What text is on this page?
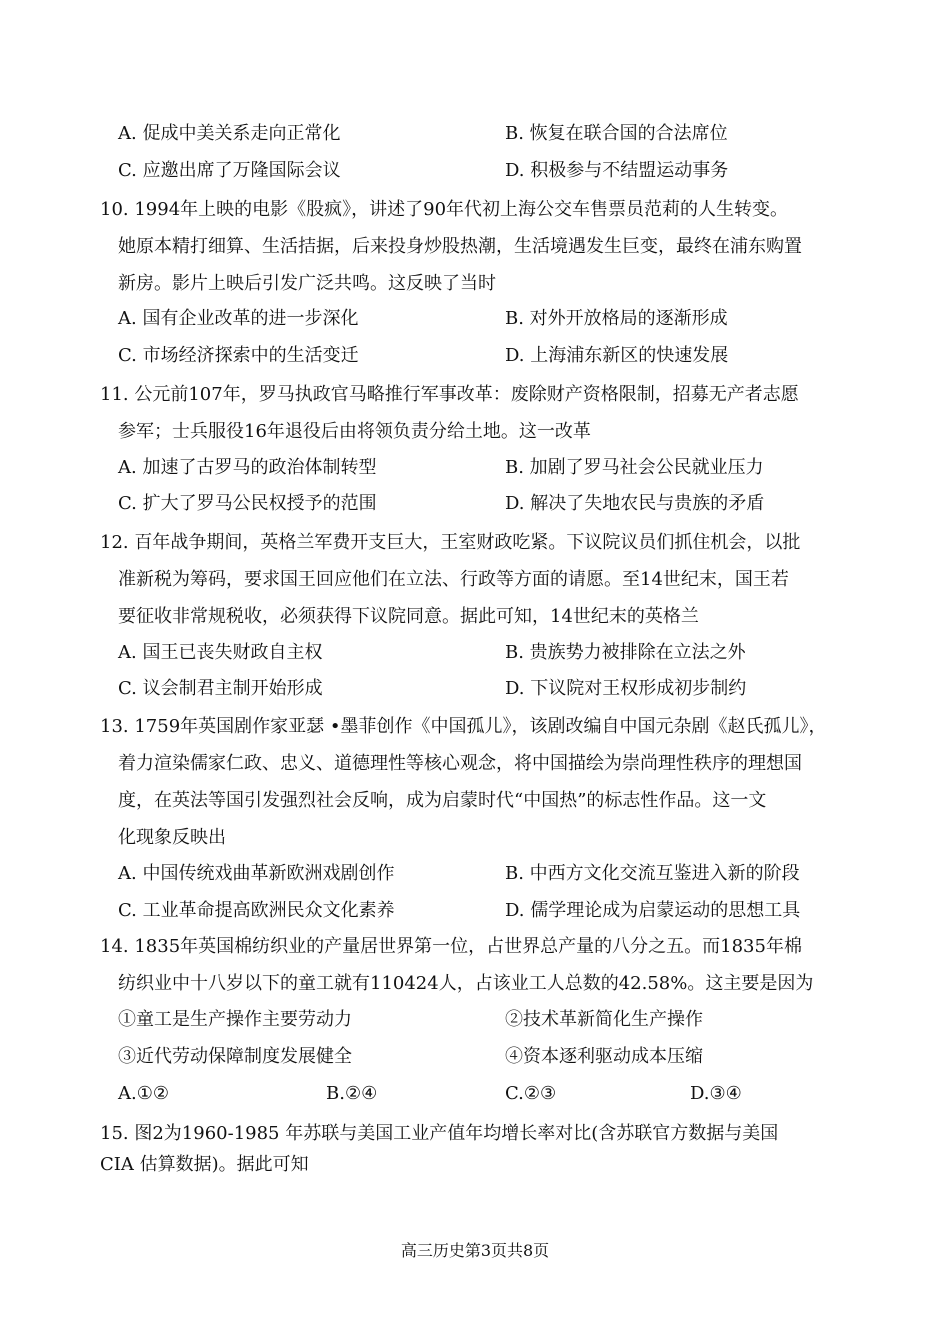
A. 促成中美关系走向正常化	B. 恢复在联合国的合法席位
C. 应邀出席了万隆国际会议	D. 积极参与不结盟运动事务
10. 1994年上映的电影《股疯》，讲述了90年代初上海公交车售票员范莉的人生转变。
她原本精打细算、生活拮据，后来投身炒股热潮，生活境遇发生巨变，最终在浦东购置
新房。影片上映后引发广泛共鸣。这反映了当时
A. 国有企业改革的进一步深化	B. 对外开放格局的逐渐形成
C. 市场经济探索中的生活变迁	D. 上海浦东新区的快速发展
11. 公元前107年，罗马执政官马略推行军事改革：废除财产资格限制，招募无产者志愿
参军；士兵服役16年退役后由将领负责分给土地。这一改革
A. 加速了古罗马的政治体制转型	B. 加剧了罗马社会公民就业压力
C. 扩大了罗马公民权授予的范围	D. 解决了失地农民与贵族的矛盾
12. 百年战争期间，英格兰军费开支巨大，王室财政吃紧。下议院议员们抓住机会，以批
准新税为筹码，要求国王回应他们在立法、行政等方面的请愿。至14世纪末，国王若
要征收非常规税收，必须获得下议院同意。据此可知，14世纪末的英格兰
A. 国王已丧失财政自主权	B. 贵族势力被排除在立法之外
C. 议会制君主制开始形成	D. 下议院对王权形成初步制约
13. 1759年英国剧作家亚瑟 •墨菲创作《中国孤儿》，该剧改编自中国元杂剧《赵氏孤儿》，
着力渲染儒家仁政、忠义、道德理性等核心观念，将中国描绘为崇尚理性秩序的理想国
度，在英法等国引发强烈社会反响，成为启蒙时代“中国热”的标志性作品。这一文
化现象反映出
A. 中国传统戏曲革新欧洲戏剧创作	B. 中西方文化交流互鉴进入新的阶段
C. 工业革命提高欧洲民众文化素养	D. 儒学理论成为启蒙运动的思想工具
14. 1835年英国棉纺织业的产量居世界第一位，占世界总产量的八分之五。而1835年棉
纺织业中十八岁以下的童工就有110424人，占该业工人总数的42.58%。这主要是因为
①童工是生产操作主要劳动力	②技术革新简化生产操作
③近代劳动保障制度发展健全	④资本逐利驱动成本压缩
A.①②	B.②④	C.②③	D.③④
15. 图2为1960-1985 年苏联与美国工业产值年均增长率对比(含苏联官方数据与美国
CIA 估算数据)。据此可知
高三历史第3页共8页
